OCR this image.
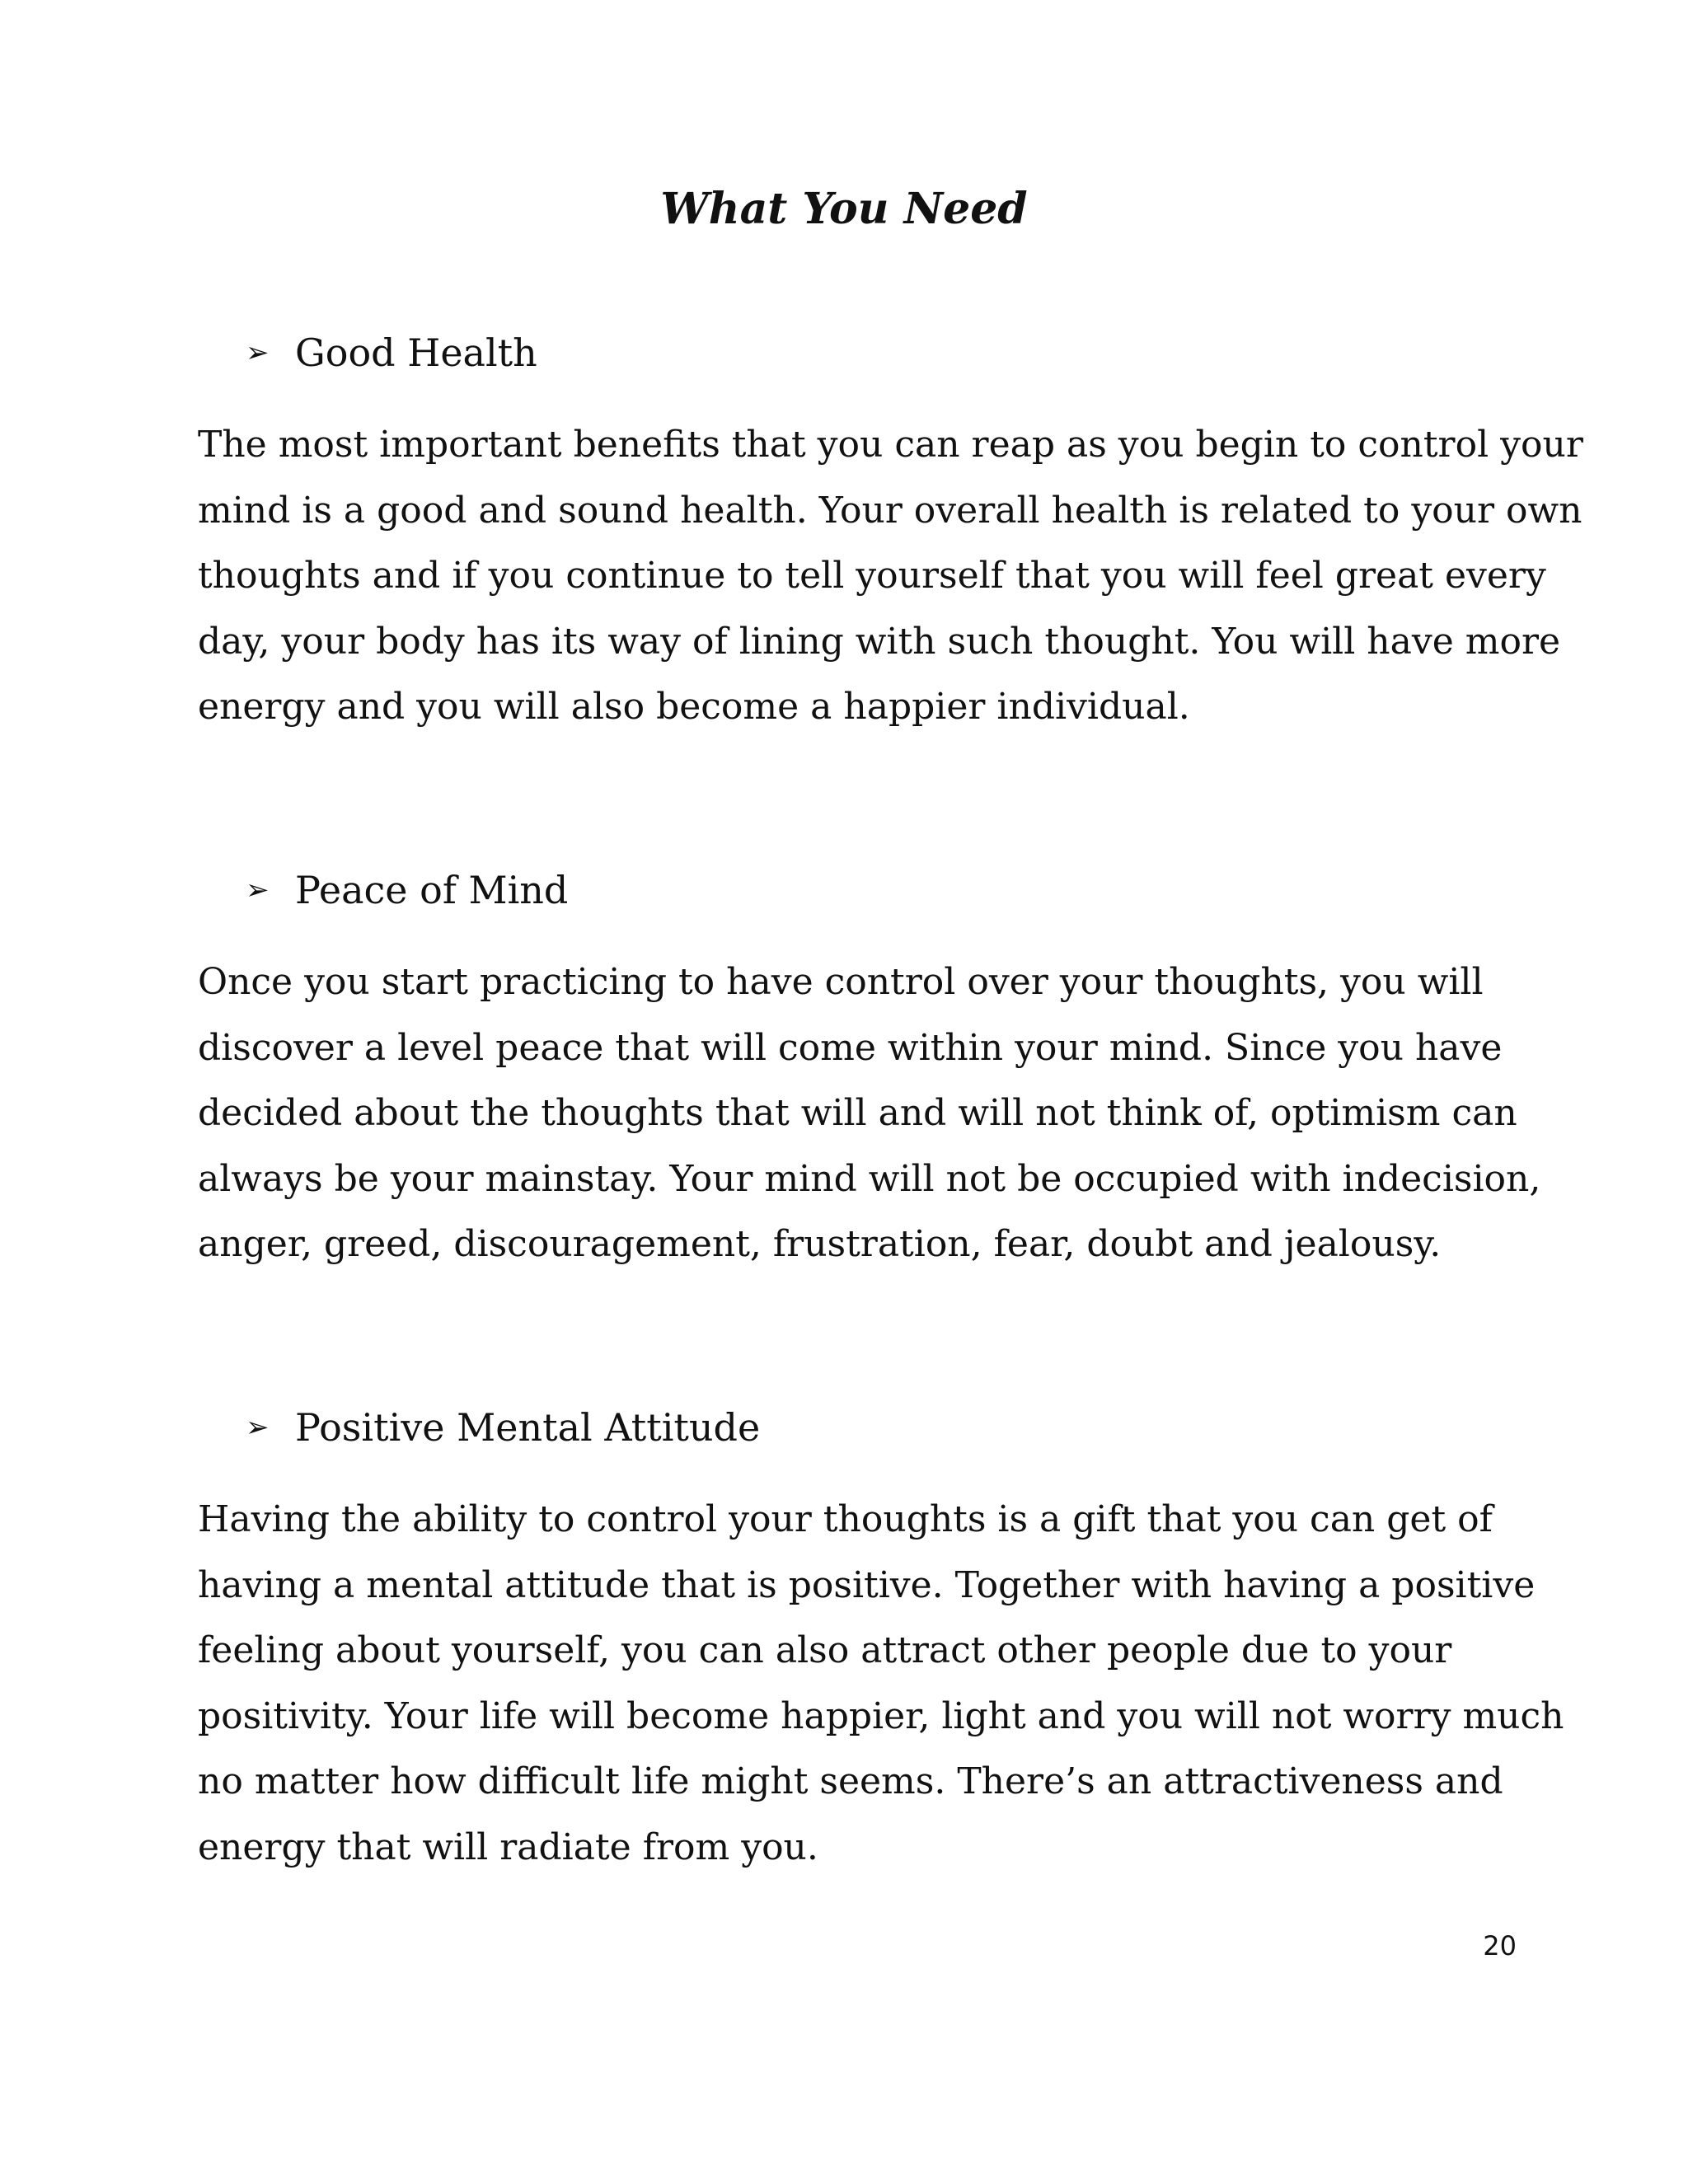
What You Need
➢ Good Health
The most important benefits that you can reap as you begin to control your
mind is a good and sound health. Your overall health is related to your own
thoughts and if you continue to tell yourself that you will feel great every
day, your body has its way of lining with such thought. You will have more
energy and you will also become a happier individual.
➢ Peace of Mind
Once you start practicing to have control over your thoughts, you will
discover a level peace that will come within your mind. Since you have
decided about the thoughts that will and will not think of, optimism can
always be your mainstay. Your mind will not be occupied with indecision,
anger, greed, discouragement, frustration, fear, doubt and jealousy.
➢ Positive Mental Attitude
Having the ability to control your thoughts is a gift that you can get of
having a mental attitude that is positive. Together with having a positive
feeling about yourself, you can also attract other people due to your
positivity. Your life will become happier, light and you will not worry much
no matter how difficult life might seems. There’s an attractiveness and
energy that will radiate from you.
20
